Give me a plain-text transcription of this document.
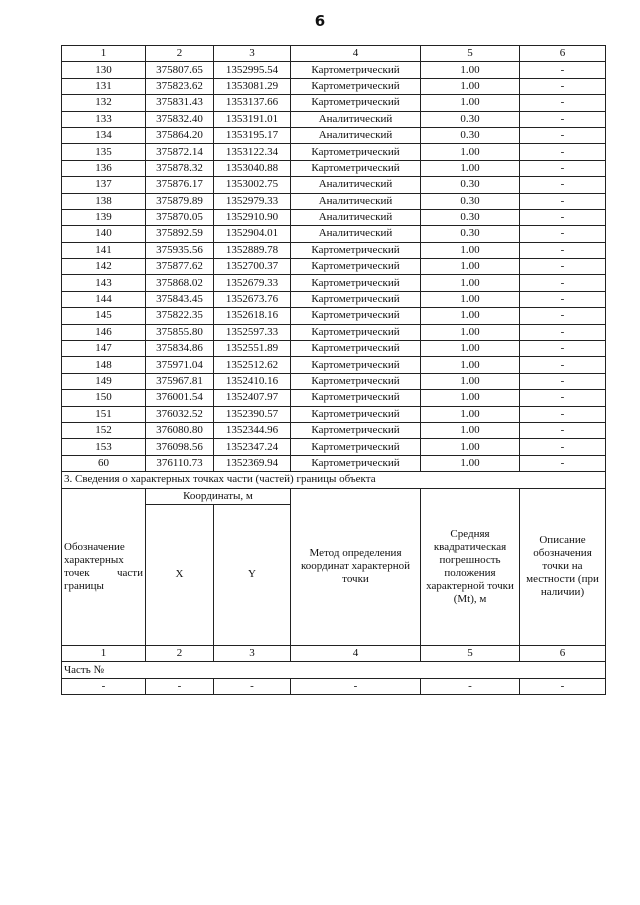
6
1	2	3	4	5	6
130	375807.65	1352995.54	Картометрический	1.00	-
131	375823.62	1353081.29	Картометрический	1.00	-
132	375831.43	1353137.66	Картометрический	1.00	-
133	375832.40	1353191.01	Аналитический	0.30	-
134	375864.20	1353195.17	Аналитический	0.30	-
135	375872.14	1353122.34	Картометрический	1.00	-
136	375878.32	1353040.88	Картометрический	1.00	-
137	375876.17	1353002.75	Аналитический	0.30	-
138	375879.89	1352979.33	Аналитический	0.30	-
139	375870.05	1352910.90	Аналитический	0.30	-
140	375892.59	1352904.01	Аналитический	0.30	-
141	375935.56	1352889.78	Картометрический	1.00	-
142	375877.62	1352700.37	Картометрический	1.00	-
143	375868.02	1352679.33	Картометрический	1.00	-
144	375843.45	1352673.76	Картометрический	1.00	-
145	375822.35	1352618.16	Картометрический	1.00	-
146	375855.80	1352597.33	Картометрический	1.00	-
147	375834.86	1352551.89	Картометрический	1.00	-
148	375971.04	1352512.62	Картометрический	1.00	-
149	375967.81	1352410.16	Картометрический	1.00	-
150	376001.54	1352407.97	Картометрический	1.00	-
151	376032.52	1352390.57	Картометрический	1.00	-
152	376080.80	1352344.96	Картометрический	1.00	-
153	376098.56	1352347.24	Картометрический	1.00	-
60	376110.73	1352369.94	Картометрический	1.00	-
3. Сведения о характерных точках части (частей) границы объекта					

Обозначение
характерных
точек части
границы	Координаты, м		Метод определения координат характерной точки	Средняя квадратическая погрешность положения характерной точки (Mt), м	Описание обозначения точки на местности (при наличии)
	X	Y			
1	2	3	4	5	6
Часть №					
-	-	-	-	-	-
